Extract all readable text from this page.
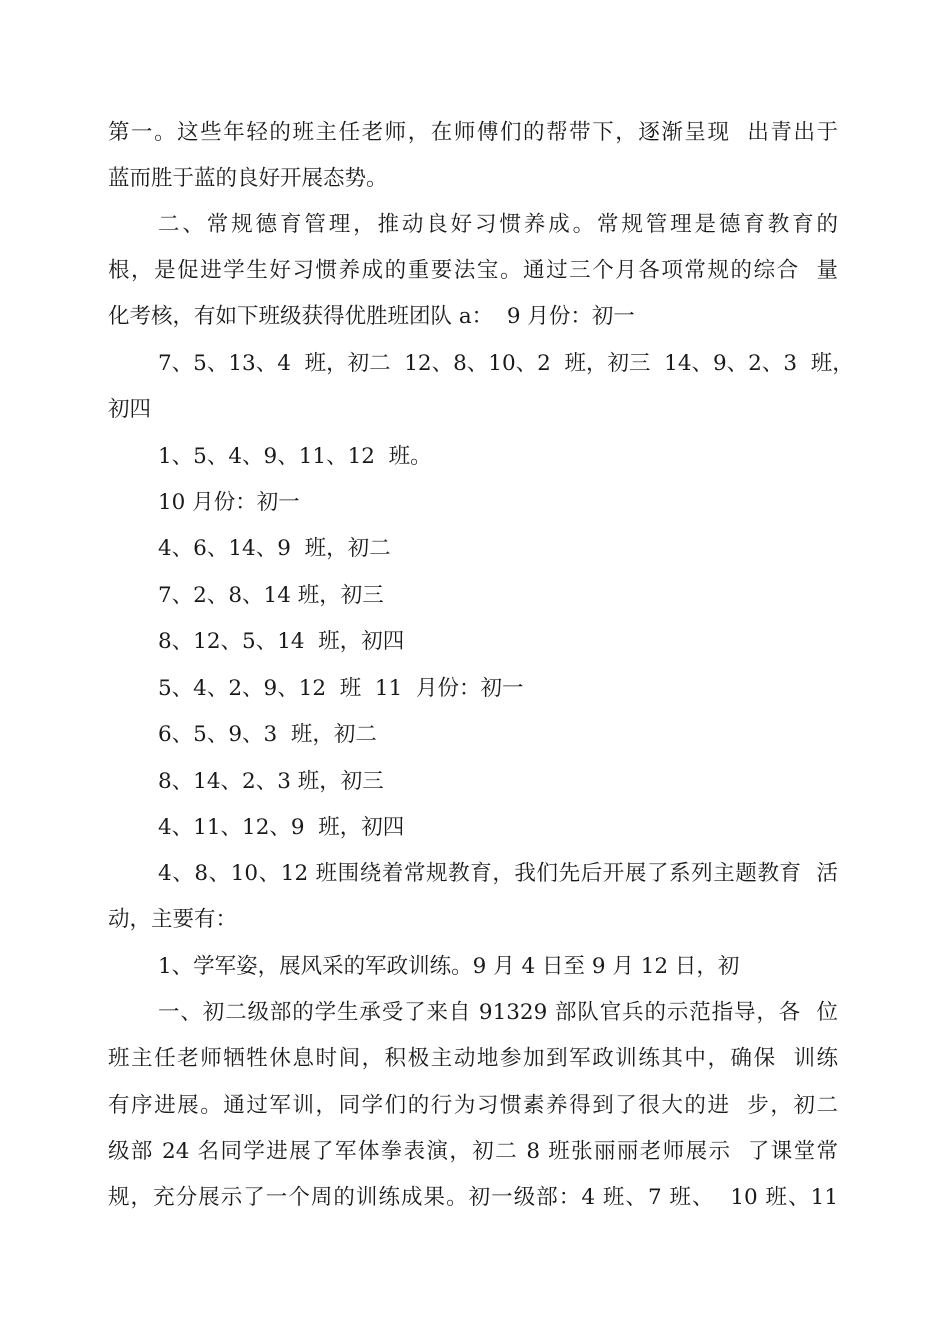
第一。这些年轻的班主任老师，在师傅们的帮带下，逐渐呈现  出青出于
蓝而胜于蓝的良好开展态势。
二、常规德育管理，推动良好习惯养成。常规管理是德育教育的
根，是促进学生好习惯养成的重要法宝。通过三个月各项常规的综合  量
化考核，有如下班级获得优胜班团队 a：  9 月份：初一
7、5、13、4  班，初二  12、8、10、2  班，初三  14、9、2、3  班，
初四
1、5、4、9、11、12  班。
10 月份：初一
4、6、14、9  班，初二
7、2、8、14 班，初三
8、12、5、14  班，初四
5、4、2、9、12  班  11  月份：初一
6、5、9、3  班，初二
8、14、2、3 班，初三
4、11、12、9  班，初四
4、8、10、12 班围绕着常规教育，我们先后开展了系列主题教育  活
动，主要有：
1、学军姿，展风采的军政训练。9 月 4 日至 9 月 12 日，初
一、初二级部的学生承受了来自 91329 部队官兵的示范指导，各  位
班主任老师牺牲休息时间，积极主动地参加到军政训练其中，确保  训练
有序进展。通过军训，同学们的行为习惯素养得到了很大的进  步，初二
级部 24 名同学进展了军体拳表演，初二 8 班张丽丽老师展示  了课堂常
规，充分展示了一个周的训练成果。初一级部：4 班、7 班、  10 班、11
